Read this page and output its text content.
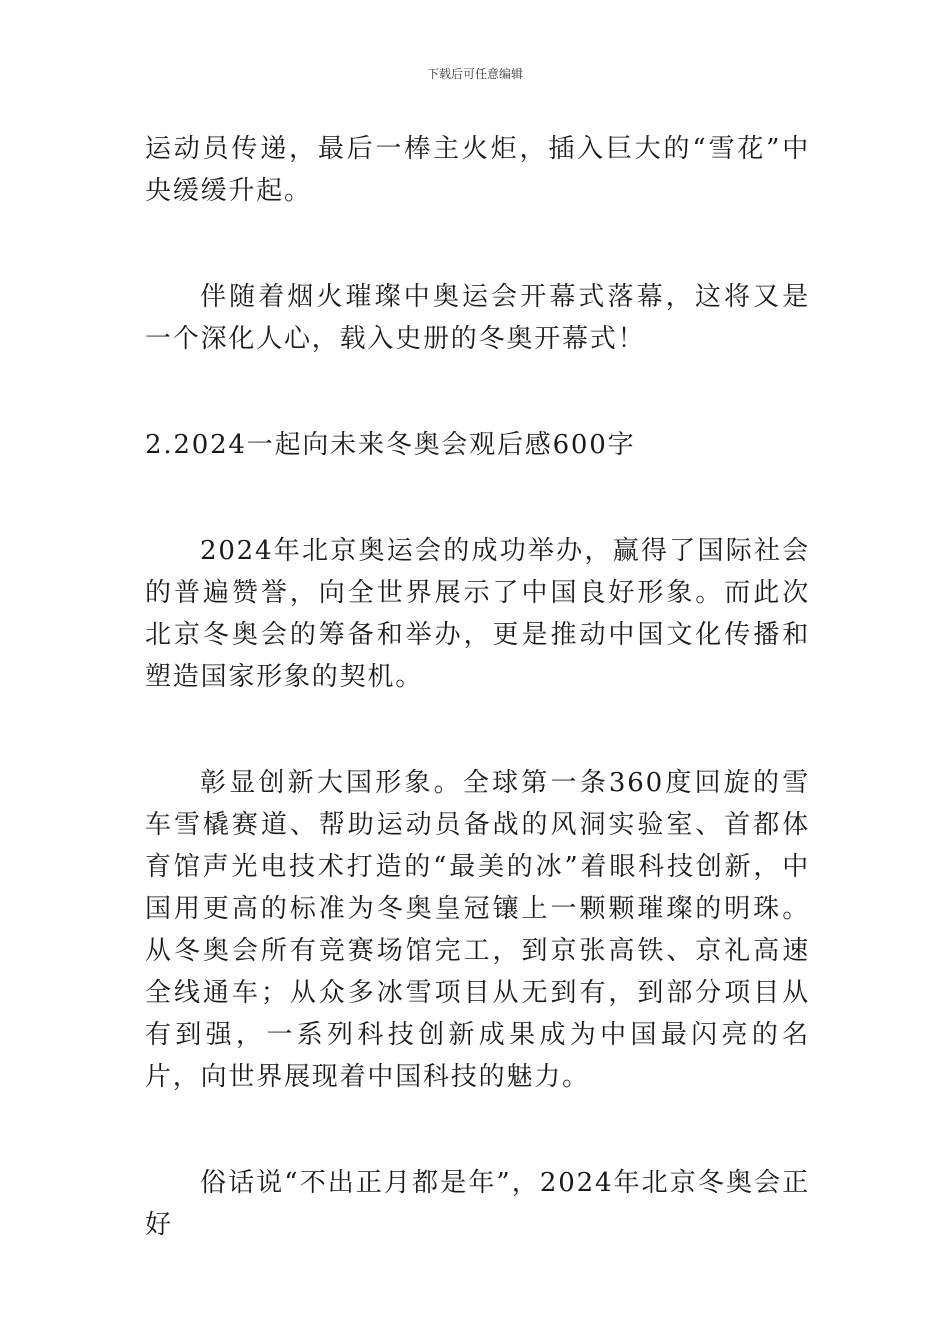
下载后可任意编辑

运动员传递，最后一棒主火炬，插入巨大的“雪花”中央缓缓升起。

伴随着烟火璀璨中奥运会开幕式落幕，这将又是一个深化人心，载入史册的冬奥开幕式！

2.2024一起向未来冬奥会观后感600字

2024年北京奥运会的成功举办，赢得了国际社会的普遍赞誉，向全世界展示了中国良好形象。而此次北京冬奥会的筹备和举办，更是推动中国文化传播和塑造国家形象的契机。

彰显创新大国形象。全球第一条360度回旋的雪车雪橇赛道、帮助运动员备战的风洞实验室、首都体育馆声光电技术打造的“最美的冰”着眼科技创新，中国用更高的标准为冬奥皇冠镶上一颗颗璀璨的明珠。从冬奥会所有竞赛场馆完工，到京张高铁、京礼高速全线通车；从众多冰雪项目从无到有，到部分项目从有到强，一系列科技创新成果成为中国最闪亮的名片，向世界展现着中国科技的魅力。

俗话说“不出正月都是年”，2024年北京冬奥会正好
